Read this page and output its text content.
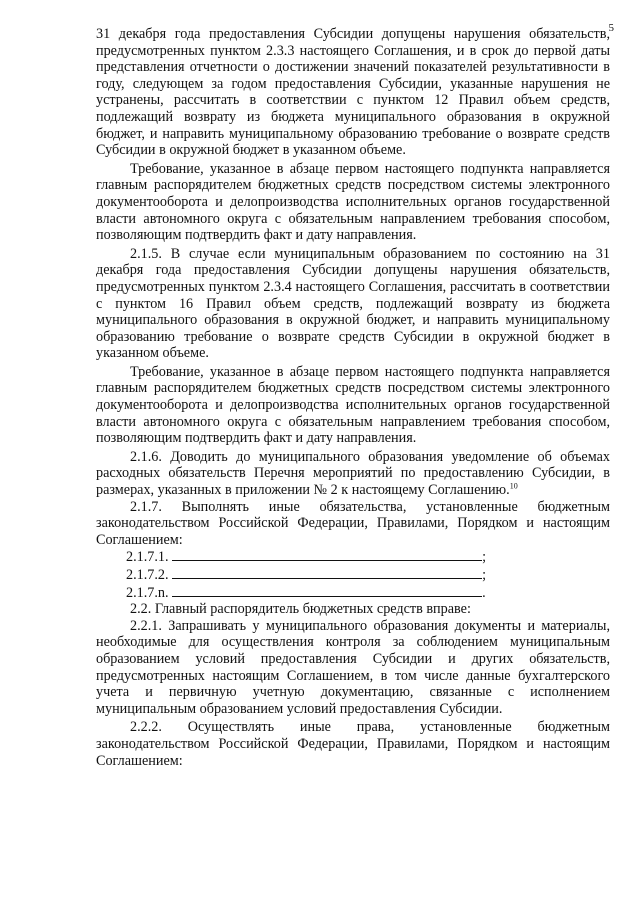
5

31 декабря года предоставления Субсидии допущены нарушения обязательств, предусмотренных пунктом 2.3.3 настоящего Соглашения, и в срок до первой даты представления отчетности о достижении значений показателей результативности в году, следующем за годом предоставления Субсидии, указанные нарушения не устранены, рассчитать в соответствии с пунктом 12 Правил объем средств, подлежащий возврату из бюджета муниципального образования в окружной бюджет, и направить муниципальному образованию требование о возврате средств Субсидии в окружной бюджет в указанном объеме.

Требование, указанное в абзаце первом настоящего подпункта направляется главным распорядителем бюджетных средств посредством системы электронного документооборота и делопроизводства исполнительных органов государственной власти автономного округа с обязательным направлением требования способом, позволяющим подтвердить факт и дату направления.

2.1.5. В случае если муниципальным образованием по состоянию на 31 декабря года предоставления Субсидии допущены нарушения обязательств, предусмотренных пунктом 2.3.4 настоящего Соглашения, рассчитать в соответствии с пунктом 16 Правил объем средств, подлежащий возврату из бюджета муниципального образования в окружной бюджет, и направить муниципальному образованию требование о возврате средств Субсидии в окружной бюджет в указанном объеме.

Требование, указанное в абзаце первом настоящего подпункта направляется главным распорядителем бюджетных средств посредством системы электронного документооборота и делопроизводства исполнительных органов государственной власти автономного округа с обязательным направлением требования способом, позволяющим подтвердить факт и дату направления.

2.1.6. Доводить до муниципального образования уведомление об объемах расходных обязательств Перечня мероприятий по предоставлению Субсидии, в размерах, указанных в приложении № 2 к настоящему Соглашению.$^{10}$

2.1.7. Выполнять иные обязательства, установленные бюджетным законодательством Российской Федерации, Правилами, Порядком и настоящим Соглашением:

2.1.7.1.	;

2.1.7.2.	;

2.1.7.n.	.

2.2. Главный распорядитель бюджетных средств вправе:

2.2.1. Запрашивать у муниципального образования документы и материалы, необходимые для осуществления контроля за соблюдением муниципальным образованием условий предоставления Субсидии и других обязательств, предусмотренных настоящим Соглашением, в том числе данные бухгалтерского учета и первичную учетную документацию, связанные с исполнением муниципальным образованием условий предоставления Субсидии.

2.2.2. Осуществлять иные права, установленные бюджетным законодательством Российской Федерации, Правилами, Порядком и настоящим Соглашением:
